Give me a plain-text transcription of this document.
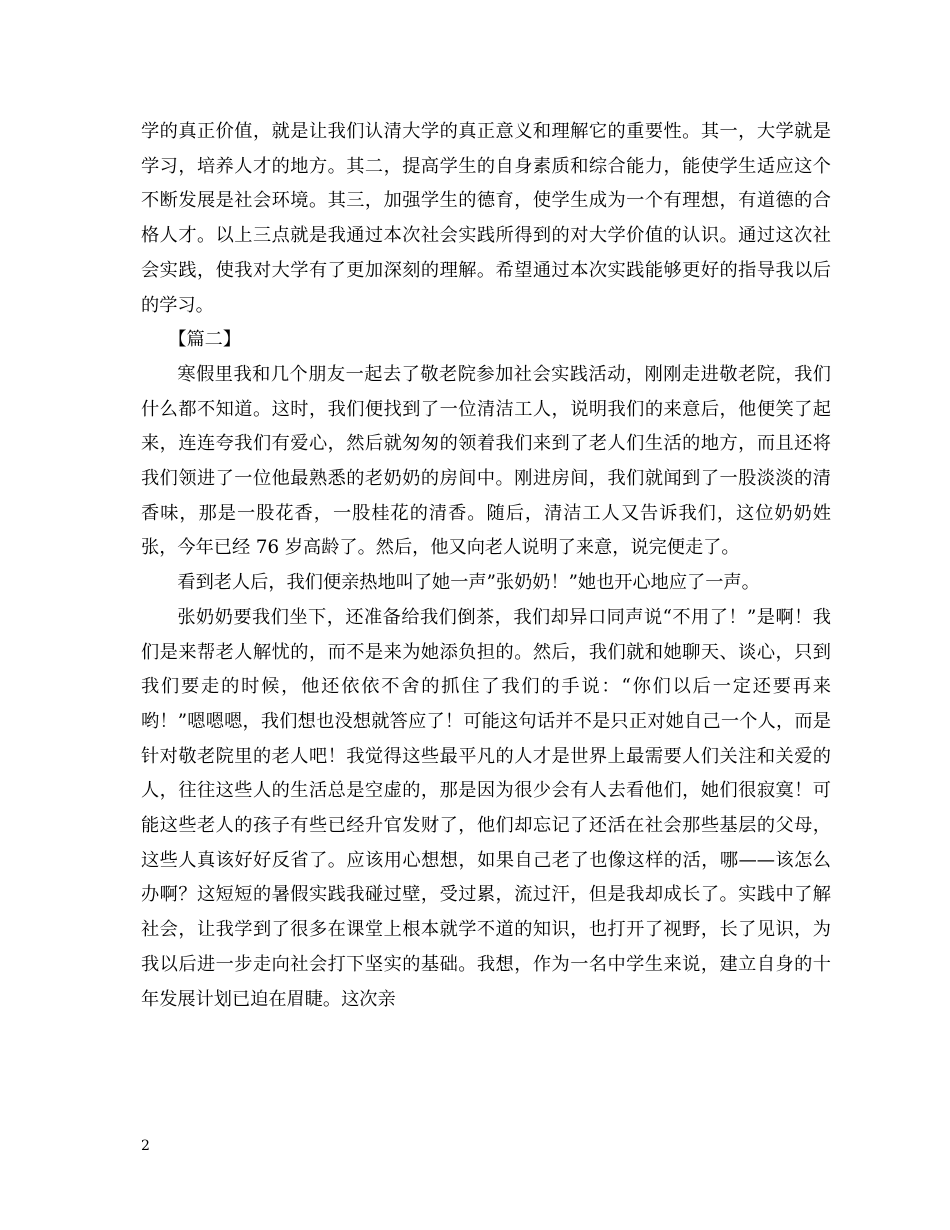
学的真正价值，就是让我们认清大学的真正意义和理解它的重要性。其一，大学就是学习，培养人才的地方。其二，提高学生的自身素质和综合能力，能使学生适应这个不断发展是社会环境。其三，加强学生的德育，使学生成为一个有理想，有道德的合格人才。以上三点就是我通过本次社会实践所得到的对大学价值的认识。通过这次社会实践，使我对大学有了更加深刻的理解。希望通过本次实践能够更好的指导我以后的学习。

【篇二】

寒假里我和几个朋友一起去了敬老院参加社会实践活动，刚刚走进敬老院，我们什么都不知道。这时，我们便找到了一位清洁工人，说明我们的来意后，他便笑了起来，连连夸我们有爱心，然后就匆匆的领着我们来到了老人们生活的地方，而且还将我们领进了一位他最熟悉的老奶奶的房间中。刚进房间，我们就闻到了一股淡淡的清香味，那是一股花香，一股桂花的清香。随后，清洁工人又告诉我们，这位奶奶姓张，今年已经 76 岁高龄了。然后，他又向老人说明了来意，说完便走了。

看到老人后，我们便亲热地叫了她一声”张奶奶！”她也开心地应了一声。

张奶奶要我们坐下，还准备给我们倒茶，我们却异口同声说“不用了！”是啊！我们是来帮老人解忧的，而不是来为她添负担的。然后，我们就和她聊天、谈心，只到我们要走的时候，他还依依不舍的抓住了我们的手说：“你们以后一定还要再来哟！”嗯嗯嗯，我们想也没想就答应了！可能这句话并不是只正对她自己一个人，而是针对敬老院里的老人吧！我觉得这些最平凡的人才是世界上最需要人们关注和关爱的人，往往这些人的生活总是空虚的，那是因为很少会有人去看他们，她们很寂寞！可能这些老人的孩子有些已经升官发财了，他们却忘记了还活在社会那些基层的父母，这些人真该好好反省了。应该用心想想，如果自己老了也像这样的活，哪——该怎么办啊？这短短的暑假实践我碰过壁，受过累，流过汗，但是我却成长了。实践中了解社会，让我学到了很多在课堂上根本就学不道的知识，也打开了视野，长了见识，为我以后进一步走向社会打下坚实的基础。我想，作为一名中学生来说，建立自身的十年发展计划已迫在眉睫。这次亲

2
